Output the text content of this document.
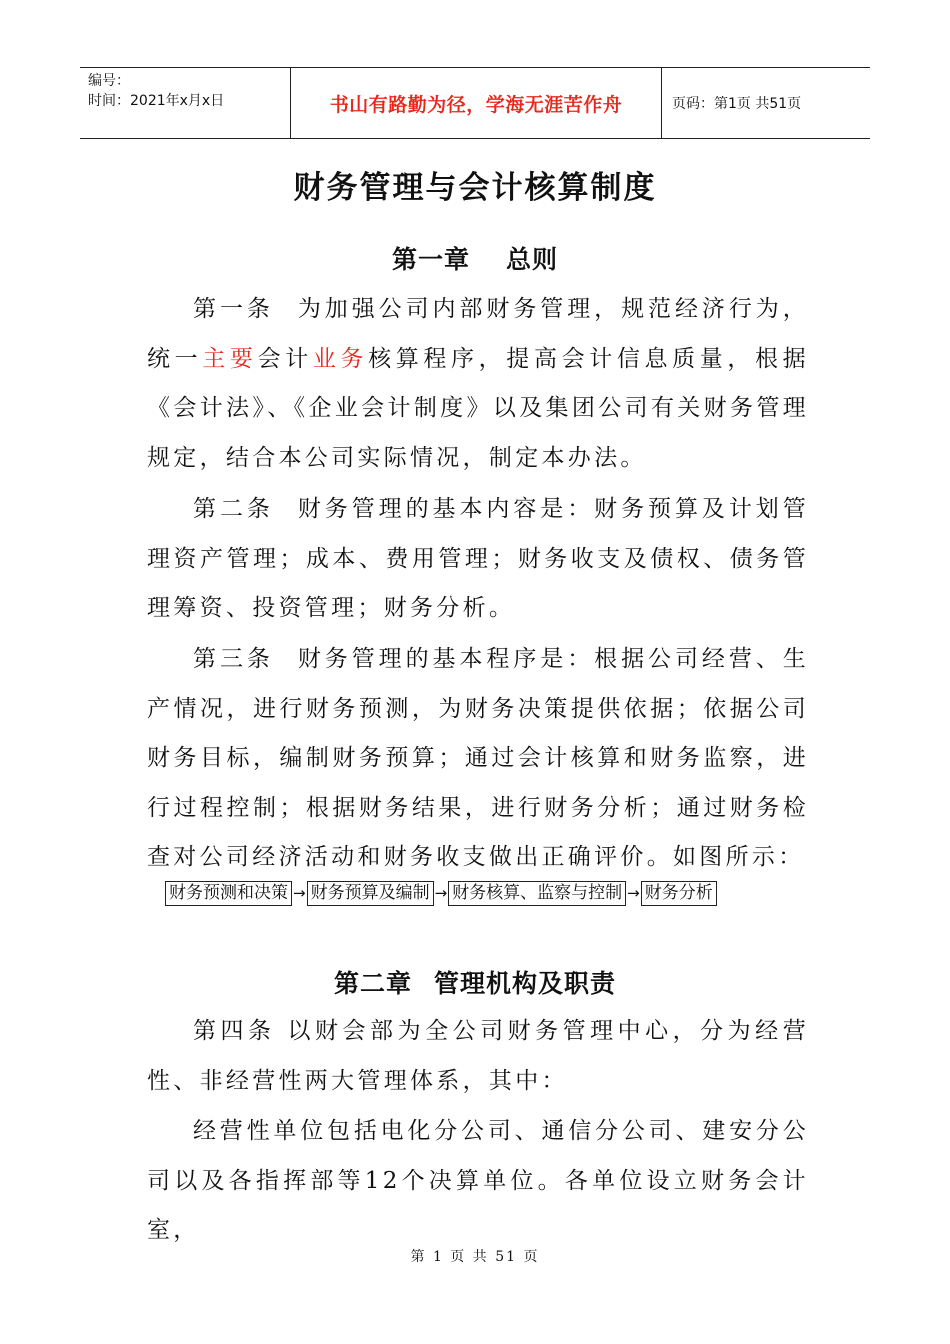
编号：
时间：2021年x月x日	书山有路勤为径，学海无涯苦作舟	页码：第1页 共51页
财务管理与会计核算制度
第一章 总则

第一条 为加强公司内部财务管理，规范经济行为，统一主要会计业务核算程序，提高会计信息质量，根据《会计法》、《企业会计制度》以及集团公司有关财务管理规定，结合本公司实际情况，制定本办法。

第二条 财务管理的基本内容是：财务预算及计划管理资产管理；成本、费用管理；财务收支及债权、债务管理筹资、投资管理；财务分析。

第三条 财务管理的基本程序是：根据公司经营、生产情况，进行财务预测，为财务决策提供依据；依据公司财务目标，编制财务预算；通过会计核算和财务监察，进行过程控制；根据财务结果，进行财务分析；通过财务检查对公司经济活动和财务收支做出正确评价。如图所示：

财务预测和决策 → 财务预算及编制 → 财务核算、监察与控制 → 财务分析
第二章 管理机构及职责

第四条 以财会部为全公司财务管理中心，分为经营性、非经营性两大管理体系，其中：

经营性单位包括电化分公司、通信分公司、建安分公司以及各指挥部等12个决算单位。各单位设立财务会计室，

第 1 页 共 51 页
